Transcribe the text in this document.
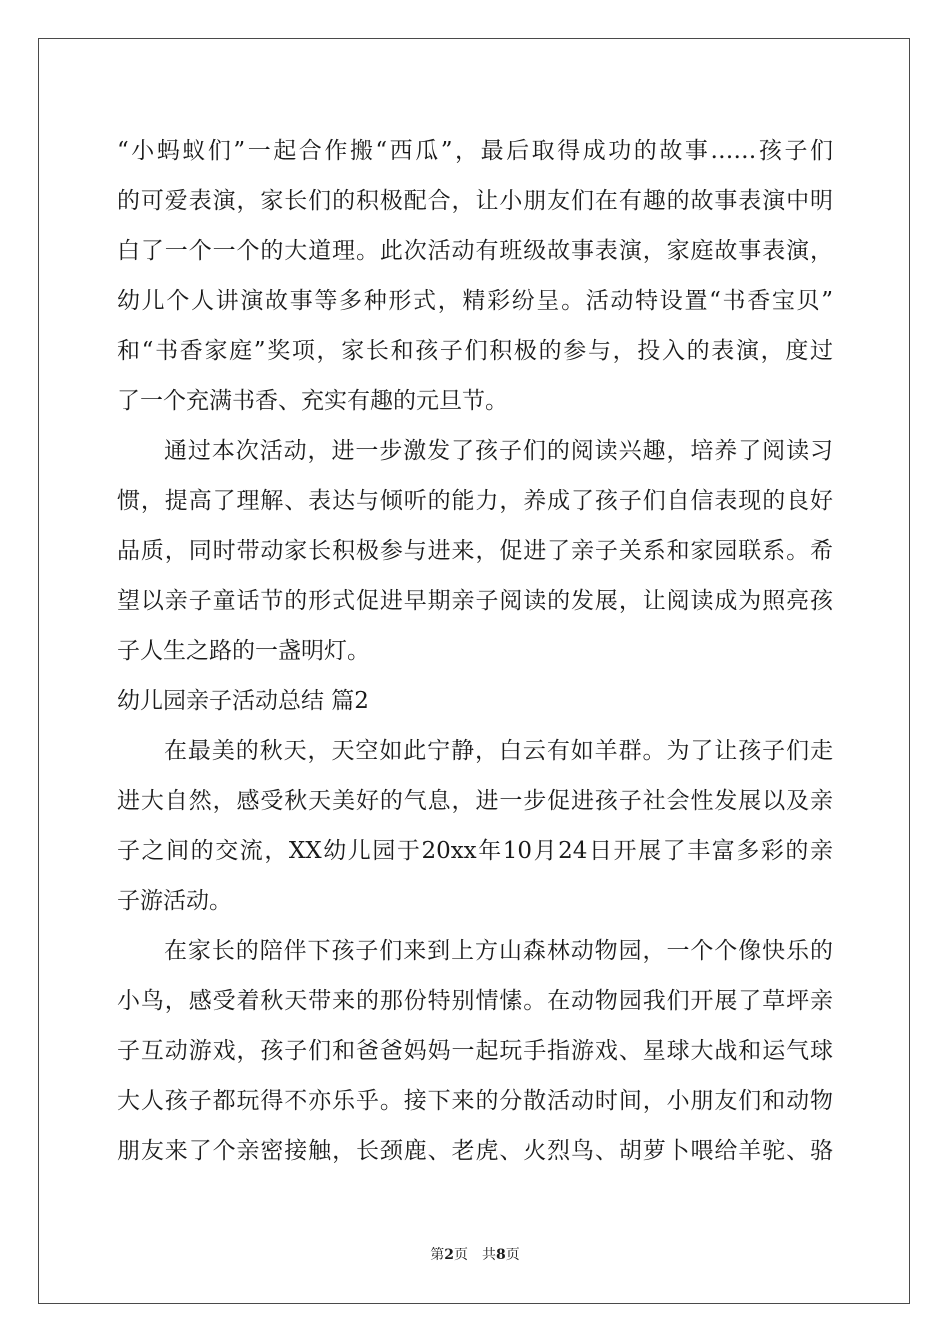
“小蚂蚁们”一起合作搬“西瓜”，最后取得成功的故事……孩子们
的可爱表演，家长们的积极配合，让小朋友们在有趣的故事表演中明
白了一个一个的大道理。此次活动有班级故事表演，家庭故事表演，
幼儿个人讲演故事等多种形式，精彩纷呈。活动特设置“书香宝贝”
和“书香家庭”奖项，家长和孩子们积极的参与，投入的表演，度过
了一个充满书香、充实有趣的元旦节。
通过本次活动，进一步激发了孩子们的阅读兴趣，培养了阅读习
惯，提高了理解、表达与倾听的能力，养成了孩子们自信表现的良好
品质，同时带动家长积极参与进来，促进了亲子关系和家园联系。希
望以亲子童话节的形式促进早期亲子阅读的发展，让阅读成为照亮孩
子人生之路的一盏明灯。
幼儿园亲子活动总结 篇2
在最美的秋天，天空如此宁静，白云有如羊群。为了让孩子们走
进大自然，感受秋天美好的气息，进一步促进孩子社会性发展以及亲
子之间的交流，XX幼儿园于20xx年10月24日开展了丰富多彩的亲
子游活动。
在家长的陪伴下孩子们来到上方山森林动物园，一个个像快乐的
小鸟，感受着秋天带来的那份特别情愫。在动物园我们开展了草坪亲
子互动游戏，孩子们和爸爸妈妈一起玩手指游戏、星球大战和运气球
大人孩子都玩得不亦乐乎。接下来的分散活动时间，小朋友们和动物
朋友来了个亲密接触，长颈鹿、老虎、火烈鸟、胡萝卜喂给羊驼、骆
第2页 共8页
